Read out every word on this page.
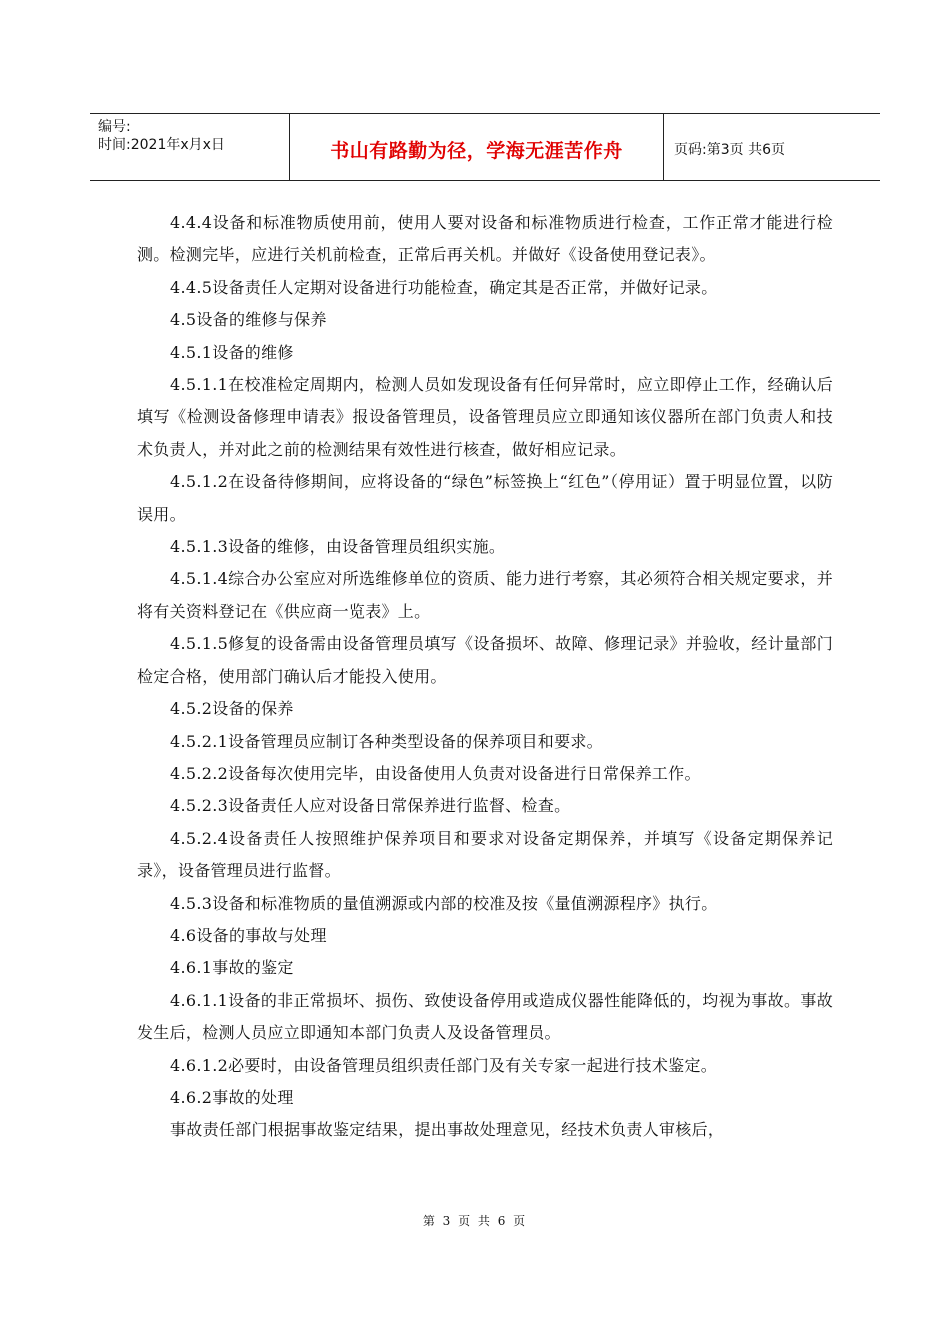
编号:
时间:2021年x月x日	书山有路勤为径，学海无涯苦作舟	页码:第3页 共6页

4.4.4设备和标准物质使用前，使用人要对设备和标准物质进行检查，工作正常才能进行检测。检测完毕，应进行关机前检查，正常后再关机。并做好《设备使用登记表》。

4.4.5设备责任人定期对设备进行功能检查，确定其是否正常，并做好记录。

4.5设备的维修与保养

4.5.1设备的维修

4.5.1.1在校准检定周期内，检测人员如发现设备有任何异常时，应立即停止工作，经确认后填写《检测设备修理申请表》报设备管理员，设备管理员应立即通知该仪器所在部门负责人和技术负责人，并对此之前的检测结果有效性进行核查，做好相应记录。

4.5.1.2在设备待修期间，应将设备的“绿色”标签换上“红色”（停用证）置于明显位置，以防误用。

4.5.1.3设备的维修，由设备管理员组织实施。

4.5.1.4综合办公室应对所选维修单位的资质、能力进行考察，其必须符合相关规定要求，并将有关资料登记在《供应商一览表》上。

4.5.1.5修复的设备需由设备管理员填写《设备损坏、故障、修理记录》并验收，经计量部门检定合格，使用部门确认后才能投入使用。

4.5.2设备的保养

4.5.2.1设备管理员应制订各种类型设备的保养项目和要求。

4.5.2.2设备每次使用完毕，由设备使用人负责对设备进行日常保养工作。

4.5.2.3设备责任人应对设备日常保养进行监督、检查。

4.5.2.4设备责任人按照维护保养项目和要求对设备定期保养，并填写《设备定期保养记录》，设备管理员进行监督。

4.5.3设备和标准物质的量值溯源或内部的校准及按《量值溯源程序》执行。

4.6设备的事故与处理

4.6.1事故的鉴定

4.6.1.1设备的非正常损坏、损伤、致使设备停用或造成仪器性能降低的，均视为事故。事故发生后，检测人员应立即通知本部门负责人及设备管理员。

4.6.1.2必要时，由设备管理员组织责任部门及有关专家一起进行技术鉴定。

4.6.2事故的处理

事故责任部门根据事故鉴定结果，提出事故处理意见，经技术负责人审核后，

第 3 页 共 6 页
